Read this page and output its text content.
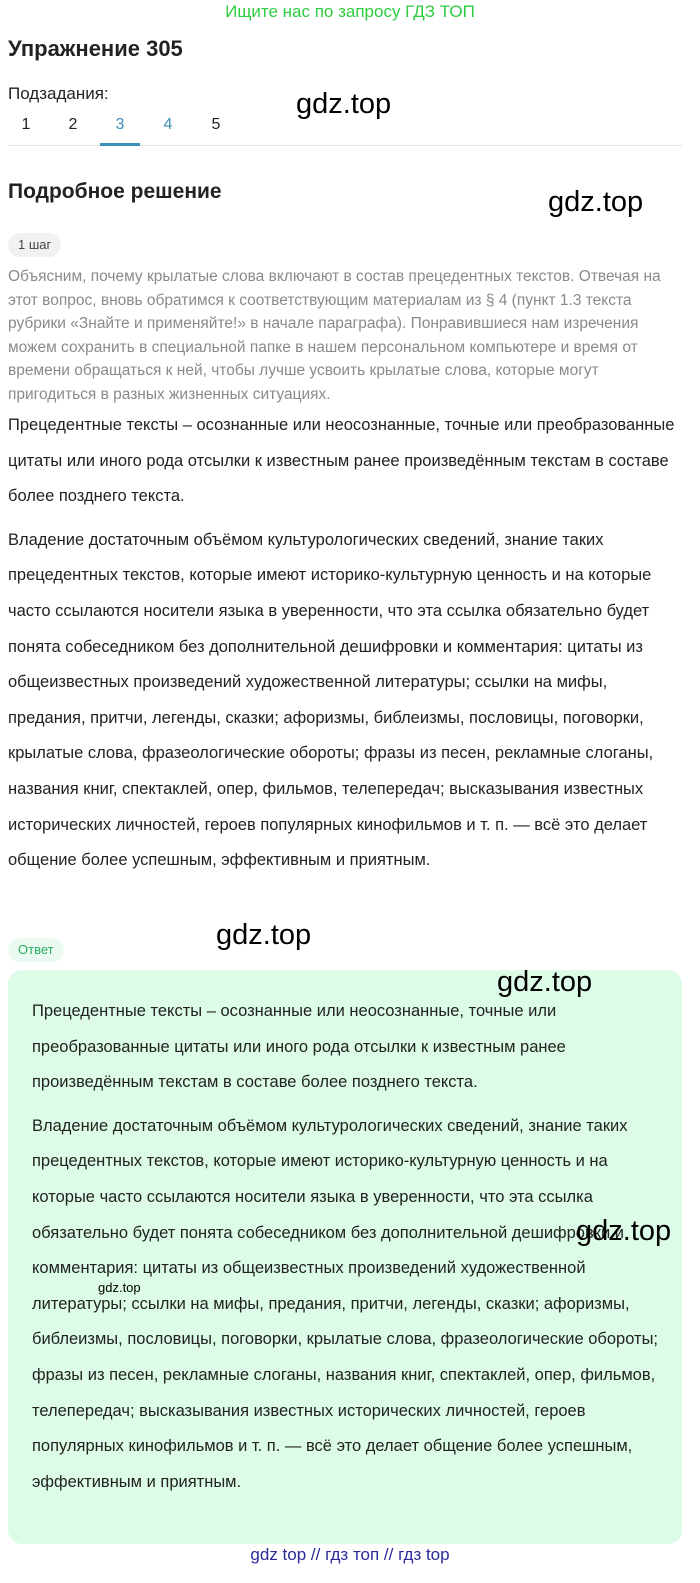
Ищите нас по запросу ГДЗ ТОП
Упражнение 305
Подзадания:
1	2	3	4	5
Подробное решение
1 шаг
Объясним, почему крылатые слова включают в состав прецедентных текстов. Отвечая на этот вопрос, вновь обратимся к соответствующим материалам из § 4 (пункт 1.3 текста рубрики «Знайте и применяйте!» в начале параграфа). Понравившиеся нам изречения можем сохранить в специальной папке в нашем персональном компьютере и время от времени обращаться к ней, чтобы лучше усвоить крылатые слова, которые могут пригодиться в разных жизненных ситуациях.

Прецедентные тексты – осознанные или неосознанные, точные или преобразованные цитаты или иного рода отсылки к известным ранее произведённым текстам в составе более позднего текста.

Владение достаточным объёмом культурологических сведений, знание таких прецедентных текстов, которые имеют историко-культурную ценность и на которые часто ссылаются носители языка в уверенности, что эта ссылка обязательно будет понята собеседником без дополнительной дешифровки и комментария: цитаты из общеизвестных произведений художественной литературы; ссылки на мифы, предания, притчи, легенды, сказки; афоризмы, библеизмы, пословицы, поговорки, крылатые слова, фразеологические обороты; фразы из песен, рекламные слоганы, названия книг, спектаклей, опер, фильмов, телепередач; высказывания известных исторических личностей, героев популярных кинофильмов и т. п. — всё это делает общение более успешным, эффективным и приятным.

Ответ

Прецедентные тексты – осознанные или неосознанные, точные или преобразованные цитаты или иного рода отсылки к известным ранее произведённым текстам в составе более позднего текста.

Владение достаточным объёмом культурологических сведений, знание таких прецедентных текстов, которые имеют историко-культурную ценность и на которые часто ссылаются носители языка в уверенности, что эта ссылка обязательно будет понята собеседником без дополнительной дешифровки и комментария: цитаты из общеизвестных произведений художественной литературы; ссылки на мифы, предания, притчи, легенды, сказки; афоризмы, библеизмы, пословицы, поговорки, крылатые слова, фразеологические обороты; фразы из песен, рекламные слоганы, названия книг, спектаклей, опер, фильмов, телепередач; высказывания известных исторических личностей, героев популярных кинофильмов и т. п. — всё это делает общение более успешным, эффективным и приятным.

gdz.top
gdz.top
gdz.top
gdz.top
gdz.top
gdz.top
gdz top // гдз топ // гдз top
